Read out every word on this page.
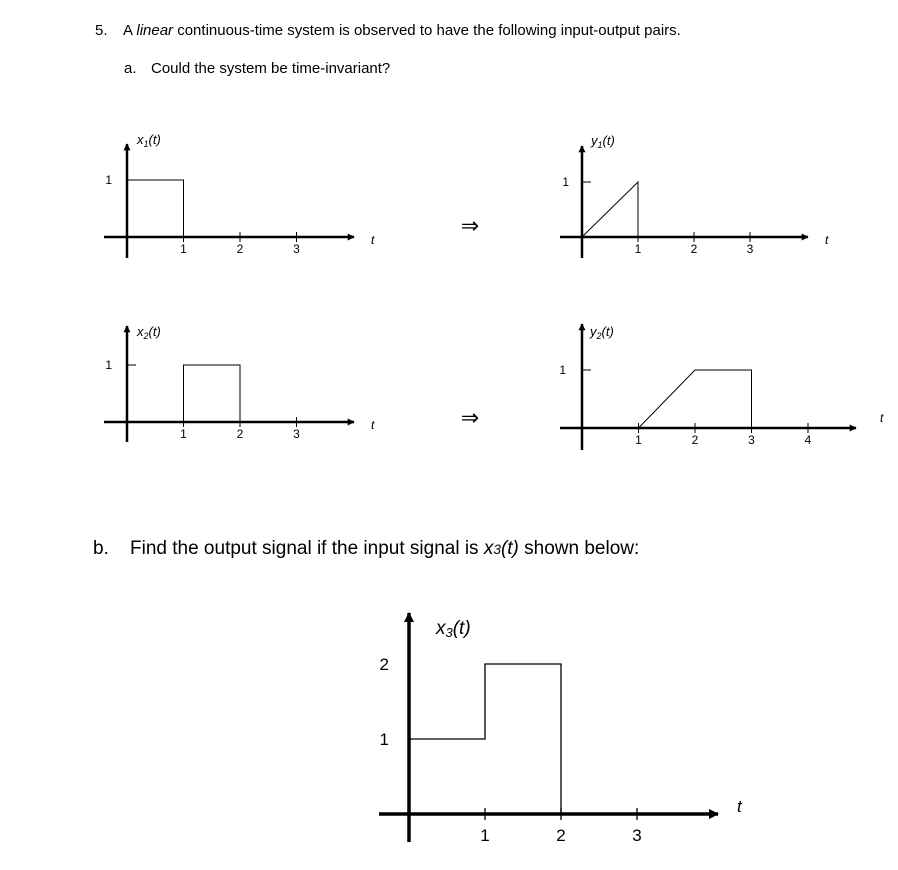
5. A linear continuous-time system is observed to have the following input-output pairs.
a. Could the system be time-invariant?
b. Find the output signal if the input signal is x3(t) shown below:
1	2	3
1
$x_1(t)$
t
1	2	3
1
$y_1(t)$
t
1	2	3
1
$x_2(t)$
t
1	2	3	4
1
$y_2(t)$
t
1	2	3
1
2
x3(t)
t
⇒
⇒
